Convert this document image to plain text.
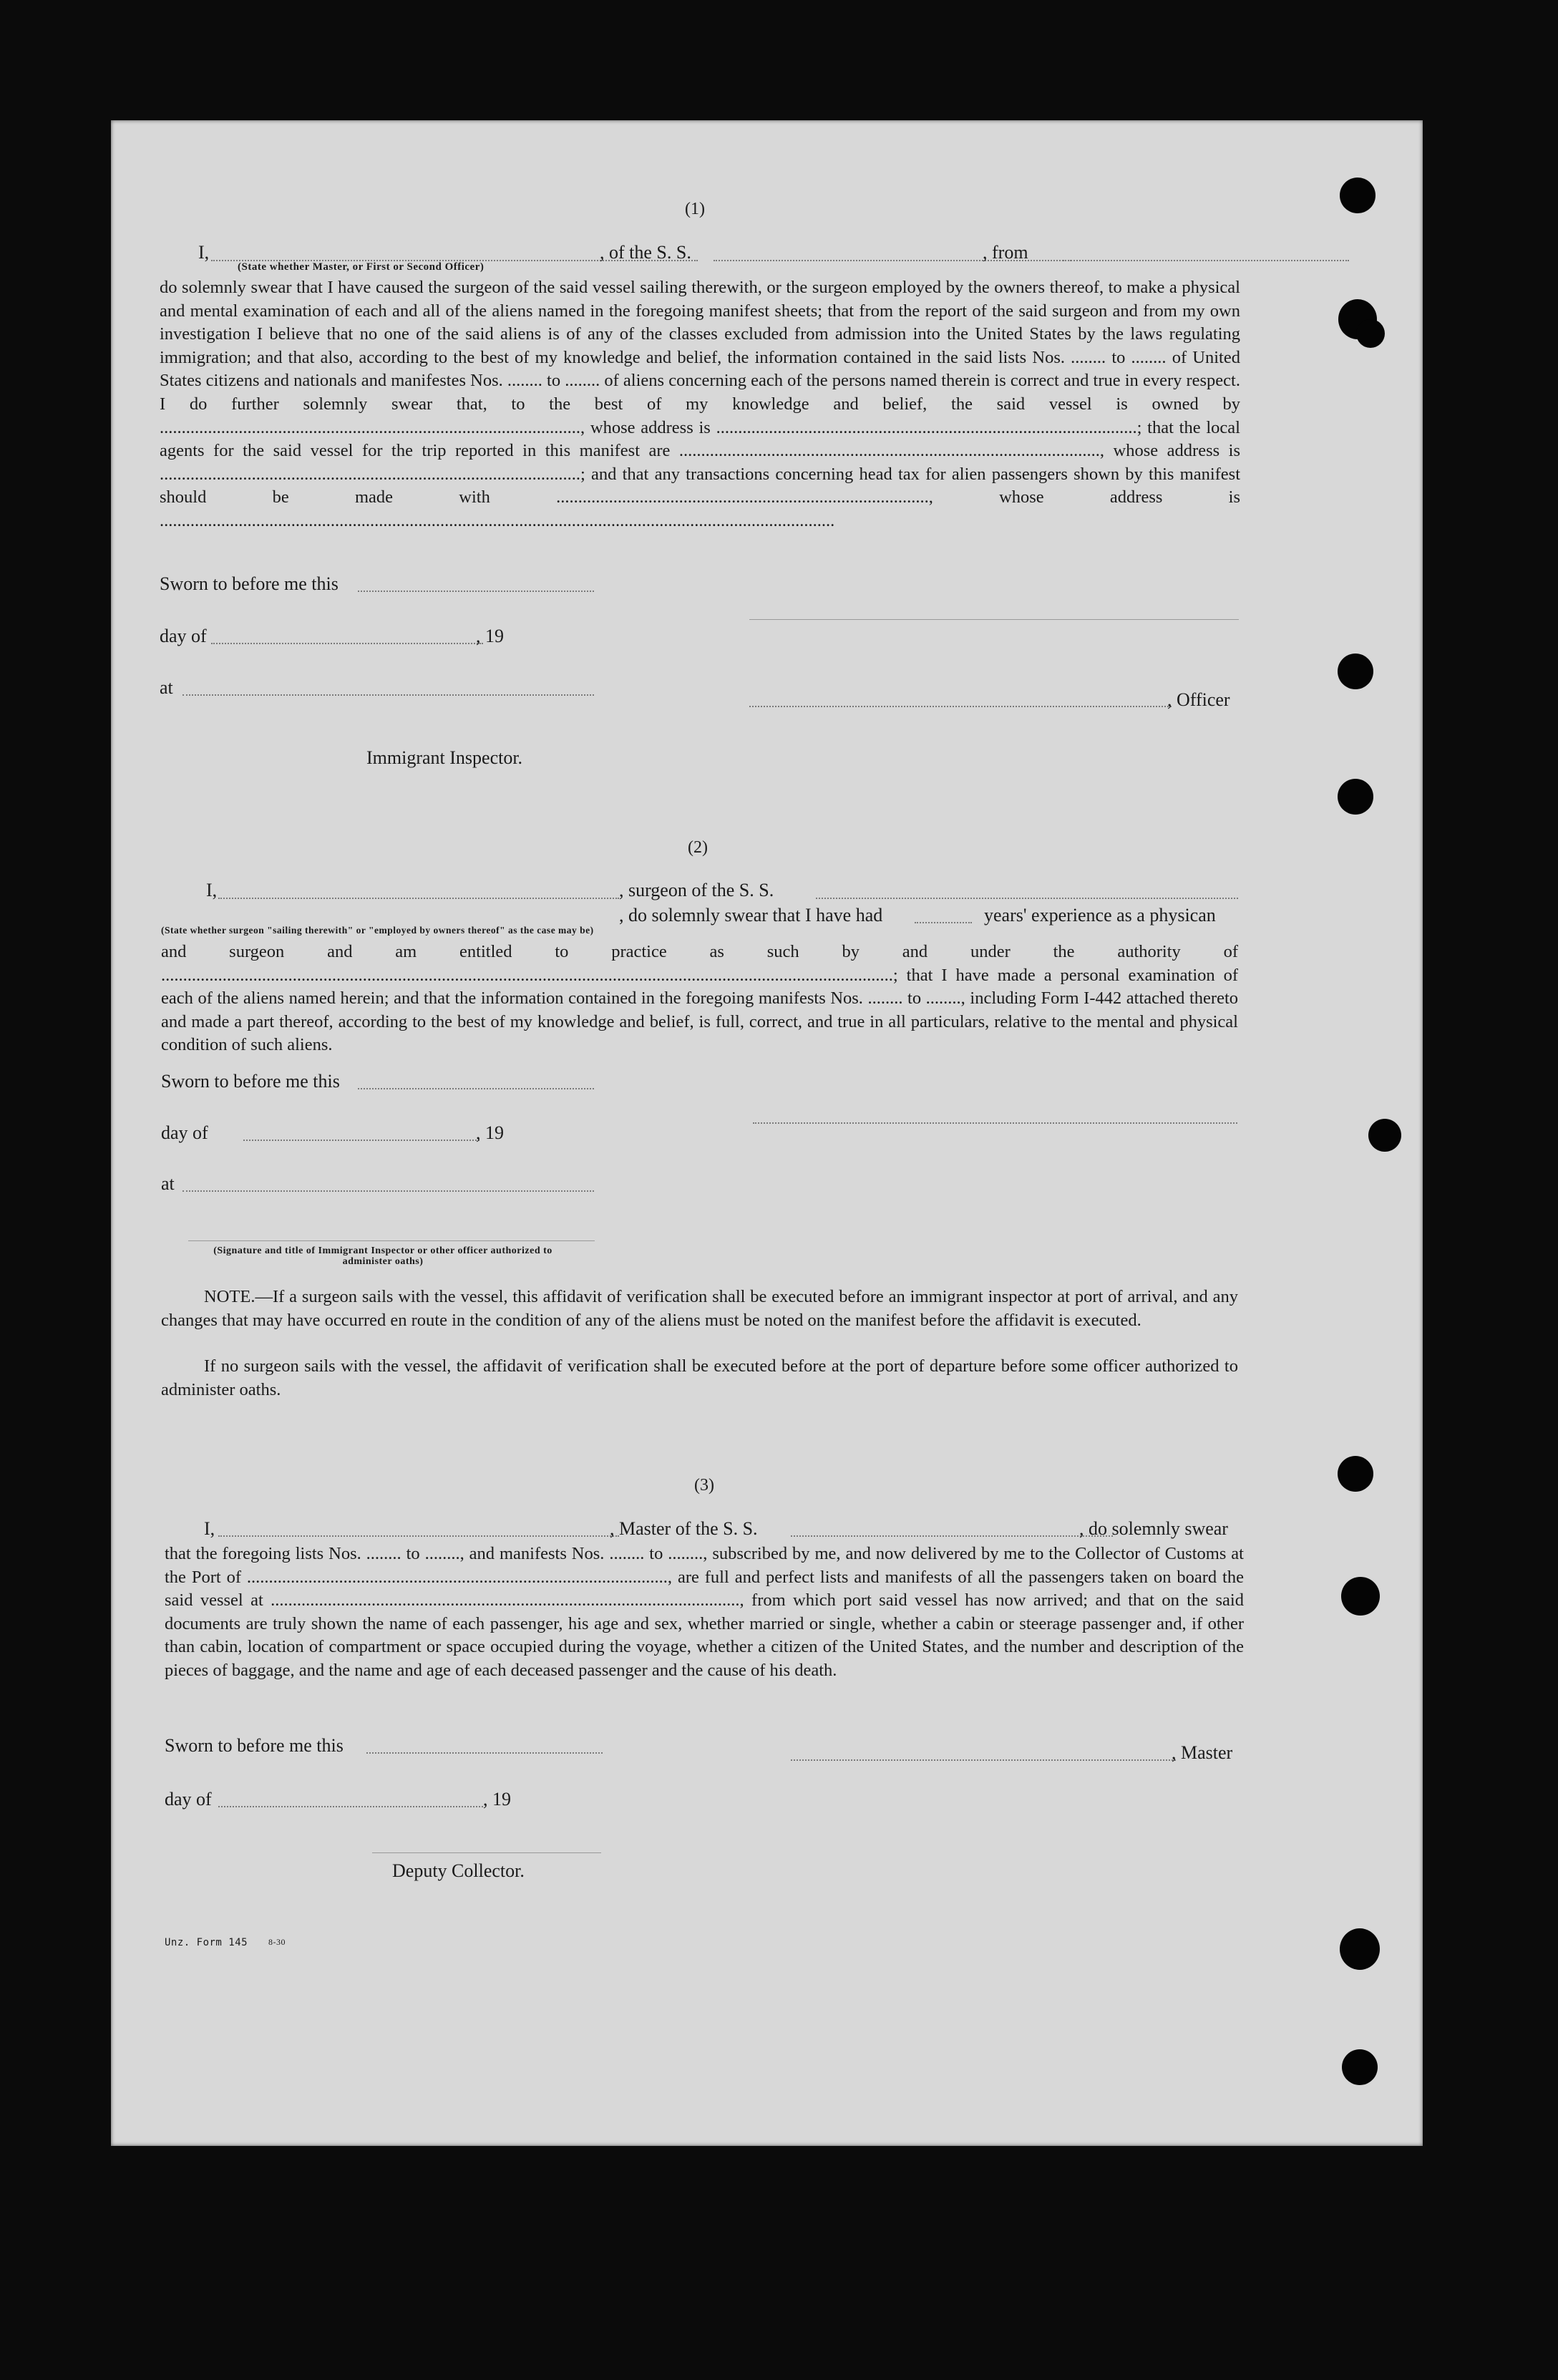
(1)
I,	, of the S. S.	, from
(State whether Master, or First or Second Officer)
do solemnly swear that I have caused the surgeon of the said vessel sailing therewith, or the surgeon employed by the owners thereof, to make a physical and mental examination of each and all of the aliens named in the foregoing manifest sheets; that from the report of the said surgeon and from my own investigation I believe that no one of the said aliens is of any of the classes excluded from admission into the United States by the laws regulating immigration; and that also, according to the best of my knowledge and belief, the information contained in the said lists Nos. ........ to ........ of United States citizens and nationals and manifestes Nos. ........ to ........ of aliens concerning each of the persons named therein is correct and true in every respect. I do further solemnly swear that, to the best of my knowledge and belief, the said vessel is owned by ................................................................................................, whose address is ................................................................................................; that the local agents for the said vessel for the trip reported in this manifest are ................................................................................................, whose address is ................................................................................................; and that any transactions concerning head tax for alien passengers shown by this manifest should be made with ....................................................................................., whose address is ..........................................................................................................................................................
Sworn to before me this
day of	, 19
at
, Officer
Immigrant Inspector.
(2)
I,	, surgeon of the S. S.
, do solemnly swear that I have had	years' experience as a physican
(State whether surgeon "sailing therewith" or "employed by owners thereof" as the case may be)
and surgeon and am entitled to practice as such by and under the authority of .......................................................................................................................................................................; that I have made a personal examination of each of the aliens named herein; and that the information contained in the foregoing manifests Nos. ........ to ........, including Form I-442 attached thereto and made a part thereof, according to the best of my knowledge and belief, is full, correct, and true in all particulars, relative to the mental and physical condition of such aliens.
Sworn to before me this
day of	, 19
at
(Signature and title of Immigrant Inspector or other officer authorized to administer oaths)
NOTE.—If a surgeon sails with the vessel, this affidavit of verification shall be executed before an immigrant inspector at port of arrival, and any changes that may have occurred en route in the condition of any of the aliens must be noted on the manifest before the affidavit is executed.
If no surgeon sails with the vessel, the affidavit of verification shall be executed before at the port of departure before some officer authorized to administer oaths.
(3)
I,	, Master of the S. S.	, do solemnly swear
that the foregoing lists Nos. ........ to ........, and manifests Nos. ........ to ........, subscribed by me, and now delivered by me to the Collector of Customs at the Port of ................................................................................................, are full and perfect lists and manifests of all the passengers taken on board the said vessel at ..........................................................................................................., from which port said vessel has now arrived; and that on the said documents are truly shown the name of each passenger, his age and sex, whether married or single, whether a cabin or steerage passenger and, if other than cabin, location of compartment or space occupied during the voyage, whether a citizen of the United States, and the number and description of the pieces of baggage, and the name and age of each deceased passenger and the cause of his death.
Sworn to before me this	, Master
day of	, 19
Deputy Collector.
Unz. Form 145 8-30
